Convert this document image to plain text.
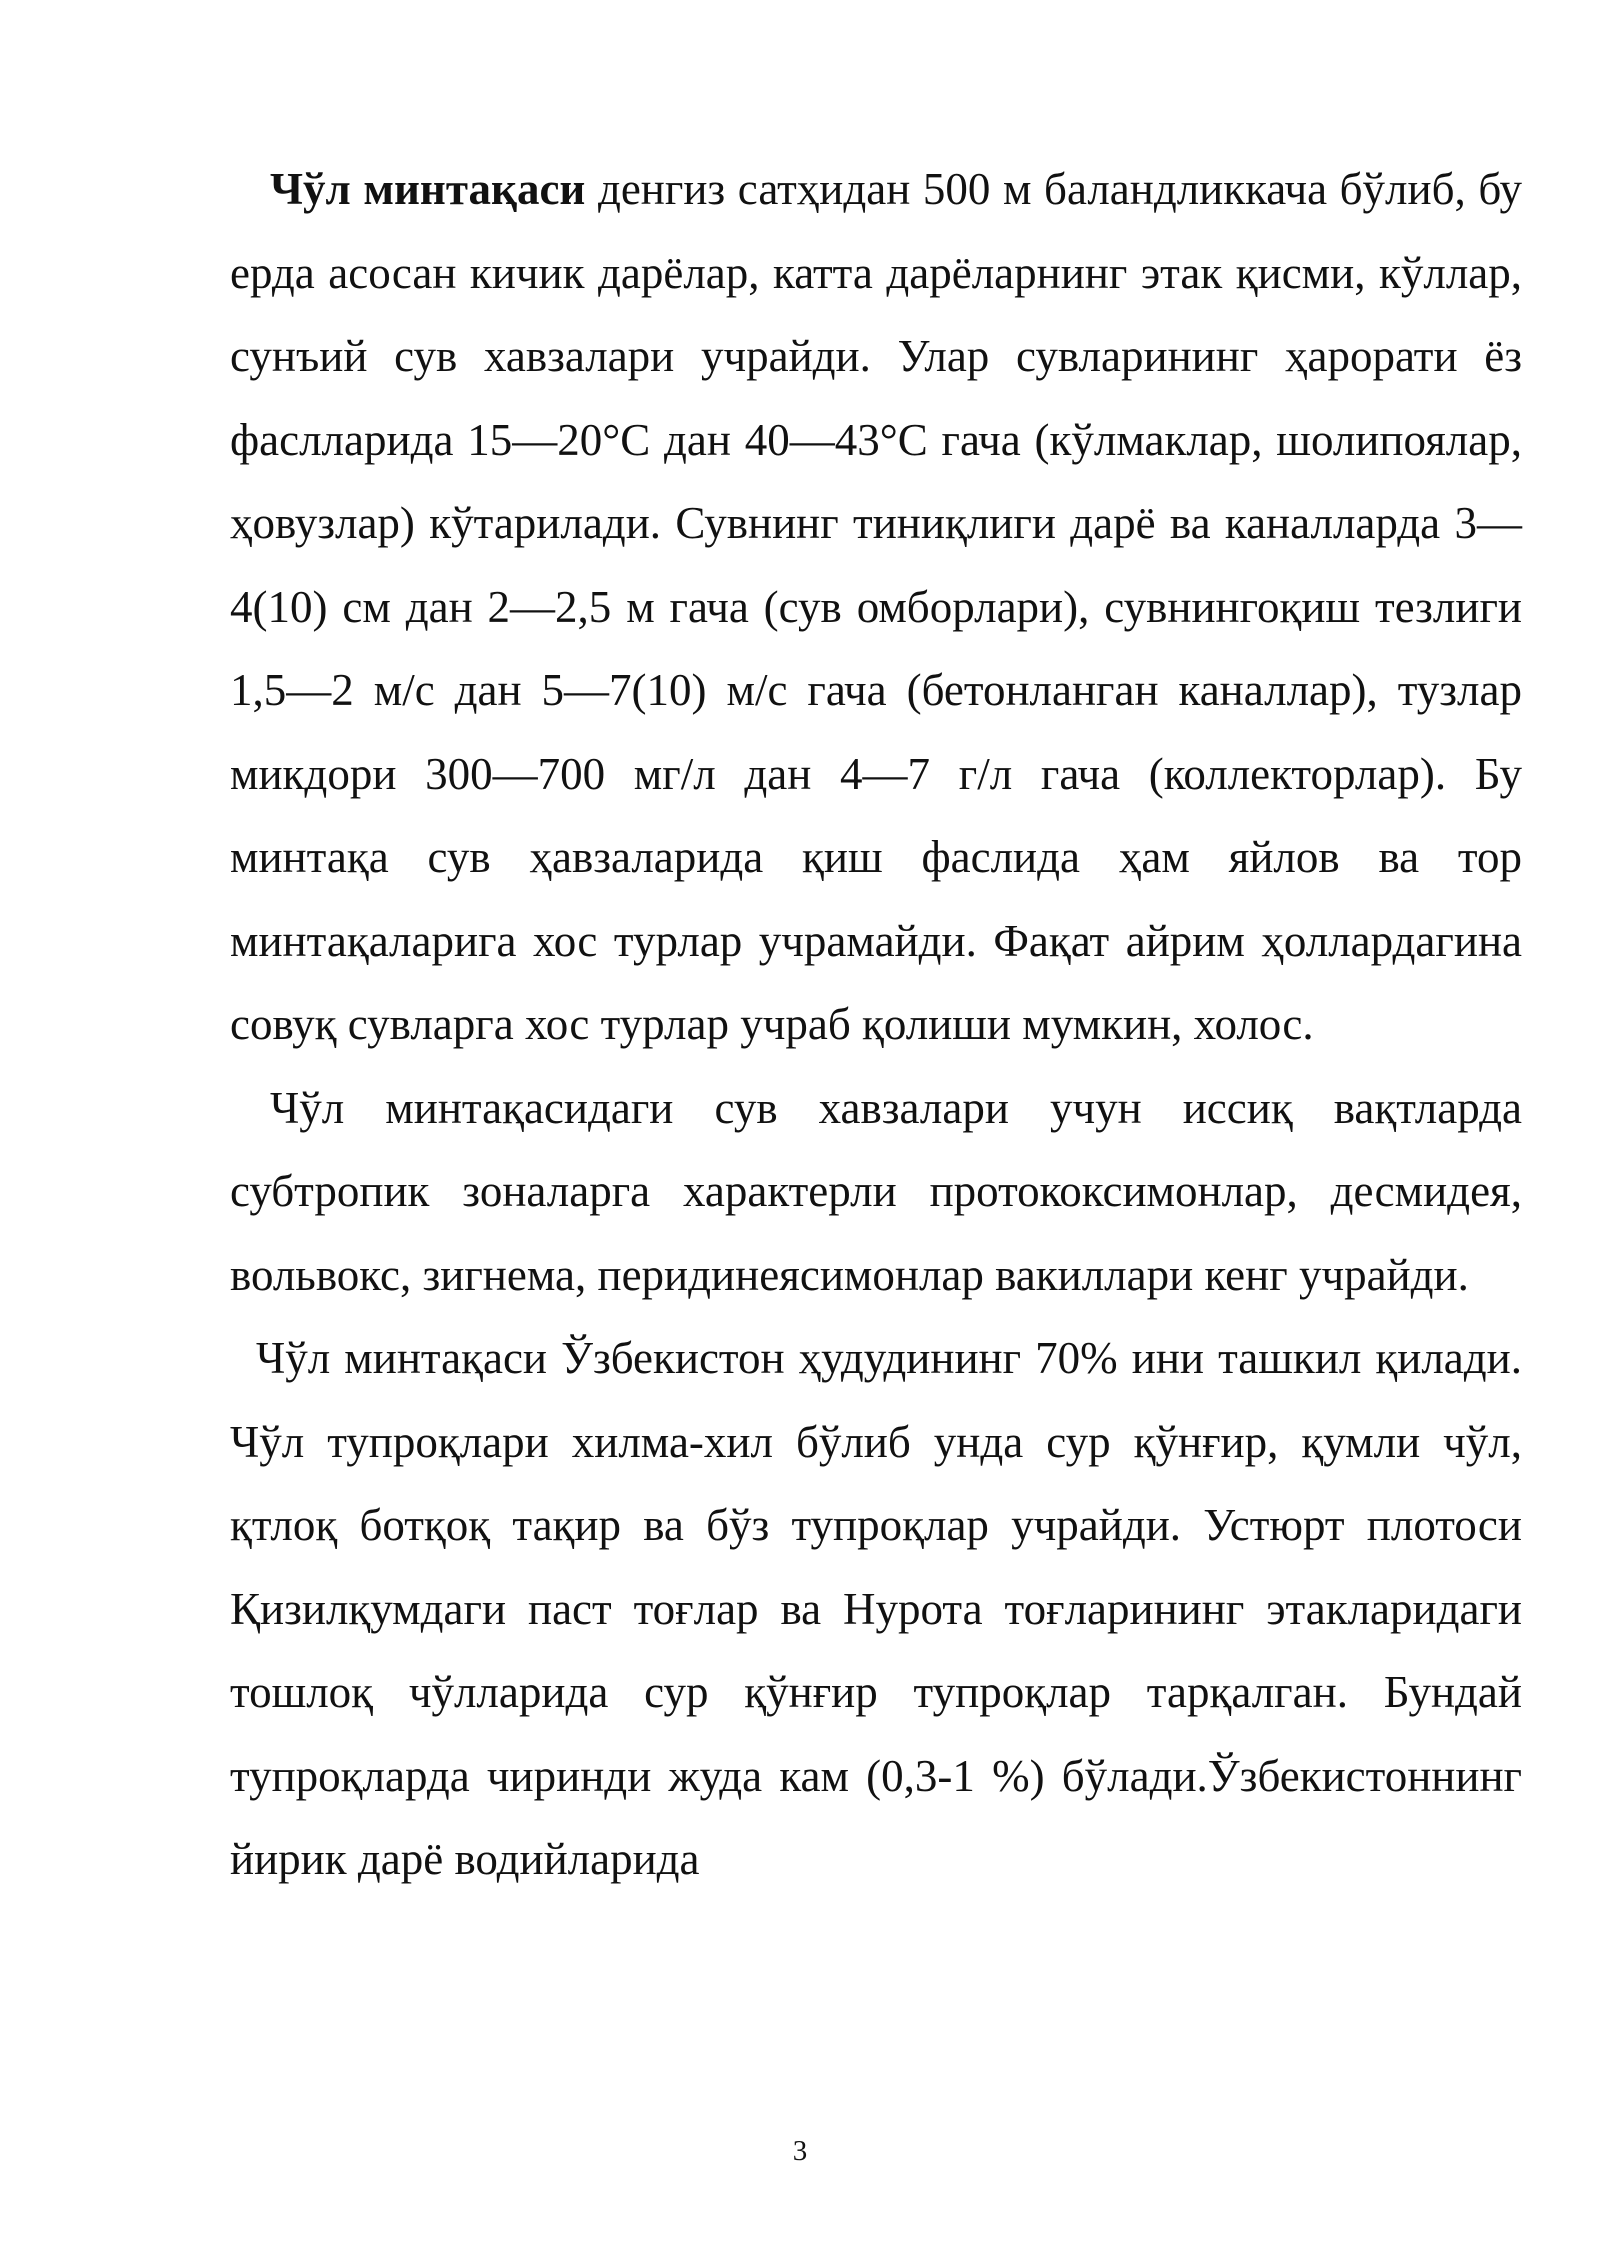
Чўл минтақаси денгиз сатҳидан 500 м баландликкача бўлиб, бу ерда асосан кичик дарёлар, катта дарёларнинг этак қисми, кўллар, сунъий сув хавзалари учрайди. Улар сувларининг ҳарорати ёз фаслларида 15—20°С дан 40—43°С гача (кўлмаклар, шолипоялар, ҳовузлар) кўтарилади. Сувнинг тиниқлиги дарё ва каналларда 3—4(10) см дан 2—2,5 м гача (сув омборлари), сувнингоқиш тезлиги 1,5—2 м/с дан 5—7(10) м/с гача (бетонланган каналлар), тузлар микдори 300—700 мг/л дан 4—7 г/л гача (коллекторлар). Бу минтақа сув ҳавзаларида қиш фаслида ҳам яйлов ва тор минтақаларига хос турлар учрамайди. Фақат айрим ҳоллардагина совуқ сувларга хос турлар учраб қолиши мумкин, холос.

Чўл минтақасидаги сув хавзалари учун иссиқ вақтларда субтропик зоналарга характерли протококсимонлар, десмидея, вольвокс, зигнема, перидинеясимонлар вакиллари кенг учрайди.

Чўл минтақаси Ўзбекистон ҳудудининг 70% ини ташкил қилади. Чўл тупроқлари хилма-хил бўлиб унда сур қўнғир, қумли чўл, қтлоқ ботқоқ тақир ва бўз тупроқлар учрайди. Устюрт плотоси Қизилқумдаги паст тоғлар ва Нурота тоғларининг этакларидаги тошлоқ чўлларида сур қўнғир тупроқлар тарқалган. Бундай тупроқларда чиринди жуда кам (0,3-1 %) бўлади.Ўзбекистоннинг йирик дарё водийларида

3
